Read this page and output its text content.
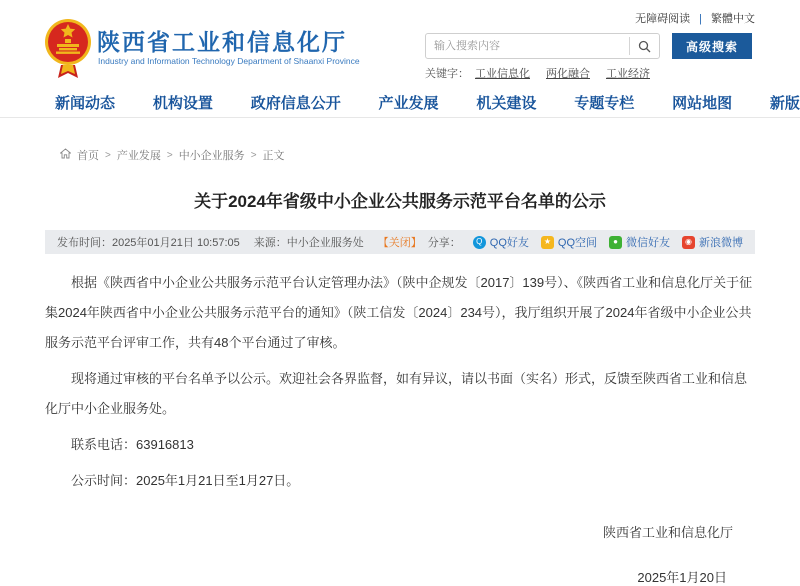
无障碍阅读 | 繁體中文
陕西省工业和信息化厅
Industry and Information Technology Department of Shaanxi Province
输入搜索内容
高级搜索
关键字： 工业信息化 两化融合 工业经济
新闻动态	机构设置	政府信息公开	产业发展	机关建设	专题专栏	网站地图	新版
首页 > 产业发展 > 中小企业服务 > 正文
关于2024年省级中小企业公共服务示范平台名单的公示
发布时间： 2025年01月21日 10:57:05 来源： 中小企业服务处 【关闭】 分享：	Q QQ好友	★ QQ空间	● 微信好友	◉ 新浪微博

根据《陕西省中小企业公共服务示范平台认定管理办法》（陕中企规发〔2017〕139号）、《陕西省工业和信息化厅关于征集2024年陕西省中小企业公共服务示范平台的通知》（陕工信发〔2024〕234号），我厅组织开展了2024年省级中小企业公共服务示范平台评审工作，共有48个平台通过了审核。

现将通过审核的平台名单予以公示。欢迎社会各界监督，如有异议，请以书面（实名）形式，反馈至陕西省工业和信息化厅中小企业服务处。

联系电话：63916813

公示时间：2025年1月21日至1月27日。

陕西省工业和信息化厅
2025年1月20日
